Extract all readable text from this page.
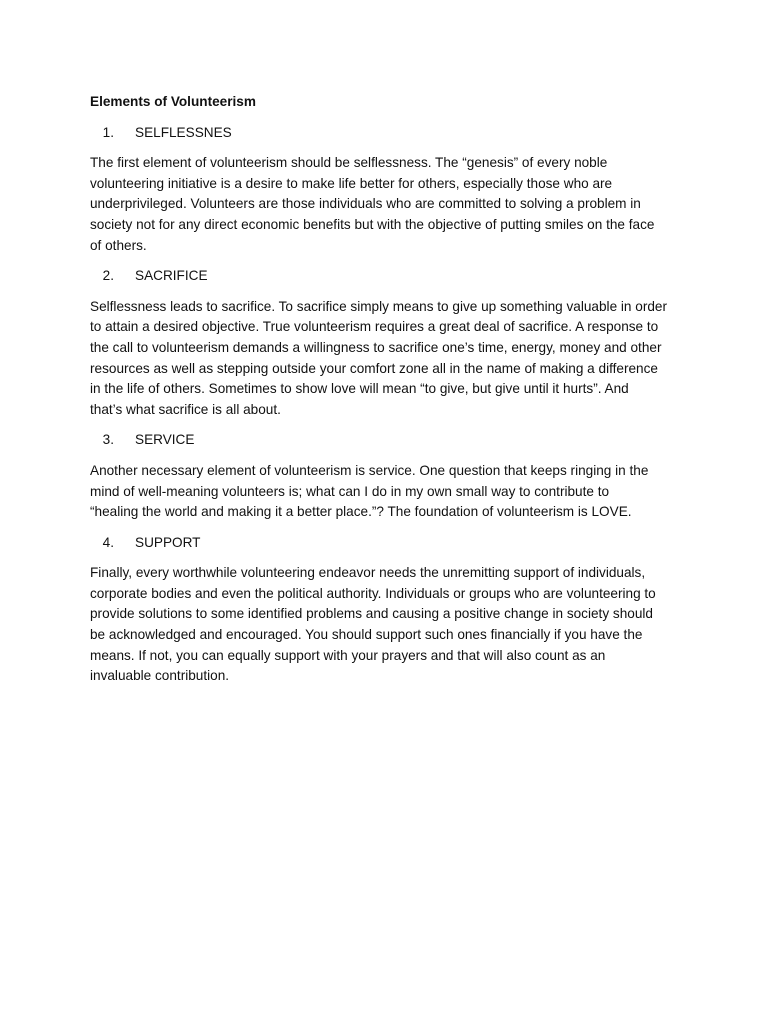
Elements of Volunteerism
1. SELFLESSNES
The first element of volunteerism should be selflessness. The “genesis” of every noble
volunteering initiative is a desire to make life better for others, especially those who are
underprivileged. Volunteers are those individuals who are committed to solving a problem in
society not for any direct economic benefits but with the objective of putting smiles on the face
of others.
2. SACRIFICE
Selflessness leads to sacrifice. To sacrifice simply means to give up something valuable in order
to attain a desired objective. True volunteerism requires a great deal of sacrifice. A response to
the call to volunteerism demands a willingness to sacrifice one’s time, energy, money and other
resources as well as stepping outside your comfort zone all in the name of making a difference
in the life of others. Sometimes to show love will mean “to give, but give until it hurts”. And
that’s what sacrifice is all about.
3. SERVICE
Another necessary element of volunteerism is service. One question that keeps ringing in the
mind of well-meaning volunteers is; what can I do in my own small way to contribute to
“healing the world and making it a better place.”? The foundation of volunteerism is LOVE.
4. SUPPORT
Finally, every worthwhile volunteering endeavor needs the unremitting support of individuals,
corporate bodies and even the political authority. Individuals or groups who are volunteering to
provide solutions to some identified problems and causing a positive change in society should
be acknowledged and encouraged. You should support such ones financially if you have the
means. If not, you can equally support with your prayers and that will also count as an
invaluable contribution.
